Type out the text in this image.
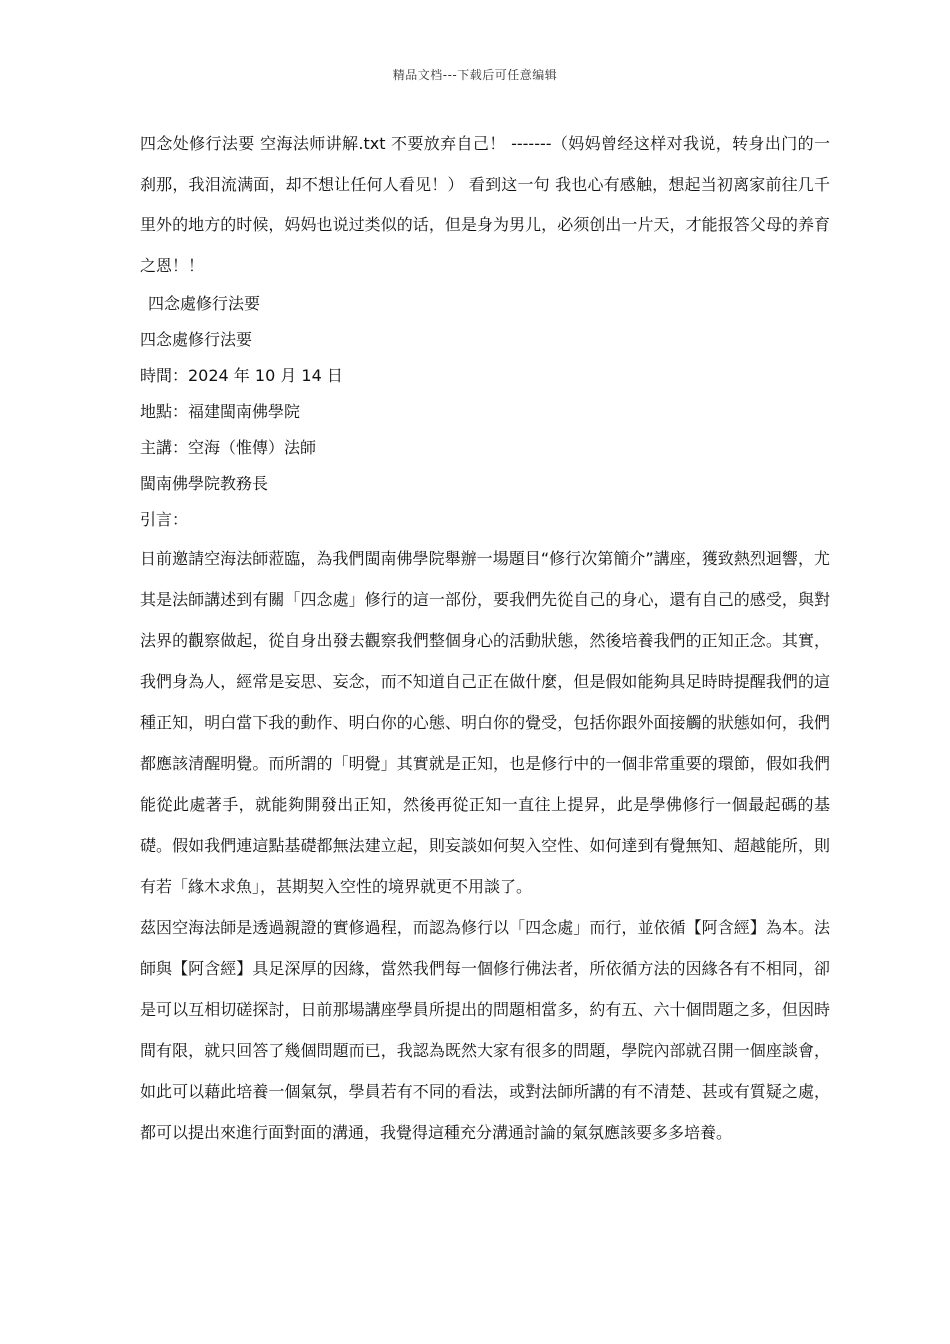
精品文档---下载后可任意编辑

四念处修行法要 空海法师讲解.txt 不要放弃自己！ -------（妈妈曾经这样对我说，转身出门的一刹那，我泪流满面，却不想让任何人看见！） 看到这一句 我也心有感触，想起当初离家前往几千里外的地方的时候，妈妈也说过类似的话，但是身为男儿，必须创出一片天，才能报答父母的养育之恩！！

四念處修行法要

四念處修行法要

時間：2024 年 10 月 14 日

地點：福建閩南佛學院

主講：空海（惟傳）法師

閩南佛學院教務長

引言：

日前邀請空海法師蒞臨，為我們閩南佛學院舉辦一場題目“修行次第簡介”講座，獲致熱烈迴響，尤其是法師講述到有關「四念處」修行的這一部份，要我們先從自己的身心，還有自己的感受，與對法界的觀察做起，從自身出發去觀察我們整個身心的活動狀態，然後培養我們的正知正念。其實，我們身為人，經常是妄思、妄念，而不知道自己正在做什麼，但是假如能夠具足時時提醒我們的這種正知，明白當下我的動作、明白你的心態、明白你的覺受，包括你跟外面接觸的狀態如何，我們都應該清醒明覺。而所謂的「明覺」其實就是正知，也是修行中的一個非常重要的環節，假如我們能從此處著手，就能夠開發出正知，然後再從正知一直往上提昇，此是學佛修行一個最起碼的基礎。假如我們連這點基礎都無法建立起，則妄談如何契入空性、如何達到有覺無知、超越能所，則有若「緣木求魚」，甚期契入空性的境界就更不用談了。

茲因空海法師是透過親證的實修過程，而認為修行以「四念處」而行，並依循【阿含經】為本。法師與【阿含經】具足深厚的因緣，當然我們每一個修行佛法者，所依循方法的因緣各有不相同，卻是可以互相切磋探討，日前那場講座學員所提出的問題相當多，約有五、六十個問題之多，但因時間有限，就只回答了幾個問題而已，我認為既然大家有很多的問題，學院內部就召開一個座談會，如此可以藉此培養一個氣氛，學員若有不同的看法，或對法師所講的有不清楚、甚或有質疑之處，都可以提出來進行面對面的溝通，我覺得這種充分溝通討論的氣氛應該要多多培養。
